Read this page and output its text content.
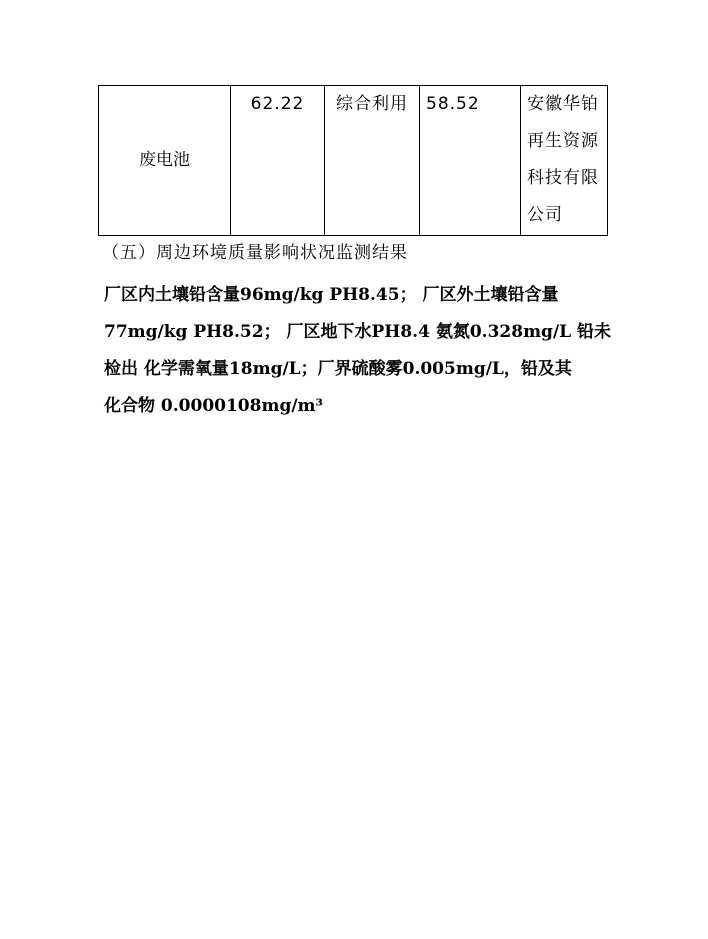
废电池	62.22	综合利用	58.52	安徽华铂再生资源科技有限公司
（五）周边环境质量影响状况监测结果

厂区内土壤铅含量96mg/kg PH8.45； 厂区外土壤铅含量
77mg/kg PH8.52； 厂区地下水PH8.4 氨氮0.328mg/L 铅未
检出 化学需氧量18mg/L；厂界硫酸雾0.005mg/L，铅及其
化合物 0.0000108mg/m³
